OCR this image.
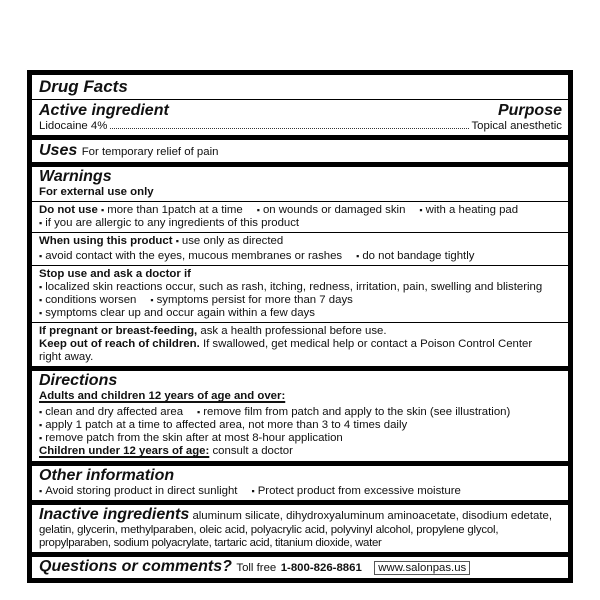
Drug Facts
Active ingredient	Purpose
Lidocaine 4%	Topical anesthetic
Uses For temporary relief of pain
Warnings
For external use only
Do not use ▪ more than 1patch at a time ▪ on wounds or damaged skin ▪ with a heating pad
▪ if you are allergic to any ingredients of this product
When using this product ▪ use only as directed
▪ avoid contact with the eyes, mucous membranes or rashes ▪ do not bandage tightly
Stop use and ask a doctor if
▪ localized skin reactions occur, such as rash, itching, redness, irritation, pain, swelling and blistering
▪ conditions worsen ▪ symptoms persist for more than 7 days
▪ symptoms clear up and occur again within a few days
If pregnant or breast-feeding, ask a health professional before use.
Keep out of reach of children. If swallowed, get medical help or contact a Poison Control Center
right away.
Directions
Adults and children 12 years of age and over:
▪ clean and dry affected area ▪ remove film from patch and apply to the skin (see illustration)
▪ apply 1 patch at a time to affected area, not more than 3 to 4 times daily
▪ remove patch from the skin after at most 8-hour application
Children under 12 years of age: consult a doctor
Other information
▪ Avoid storing product in direct sunlight ▪ Protect product from excessive moisture
Inactive ingredients aluminum silicate, dihydroxyaluminum aminoacetate, disodium edetate,
gelatin, glycerin, methylparaben, oleic acid, polyacrylic acid, polyvinyl alcohol, propylene glycol,
propylparaben, sodium polyacrylate, tartaric acid, titanium dioxide, water
Questions or comments? Toll free 1-800-826-8861 www.salonpas.us
